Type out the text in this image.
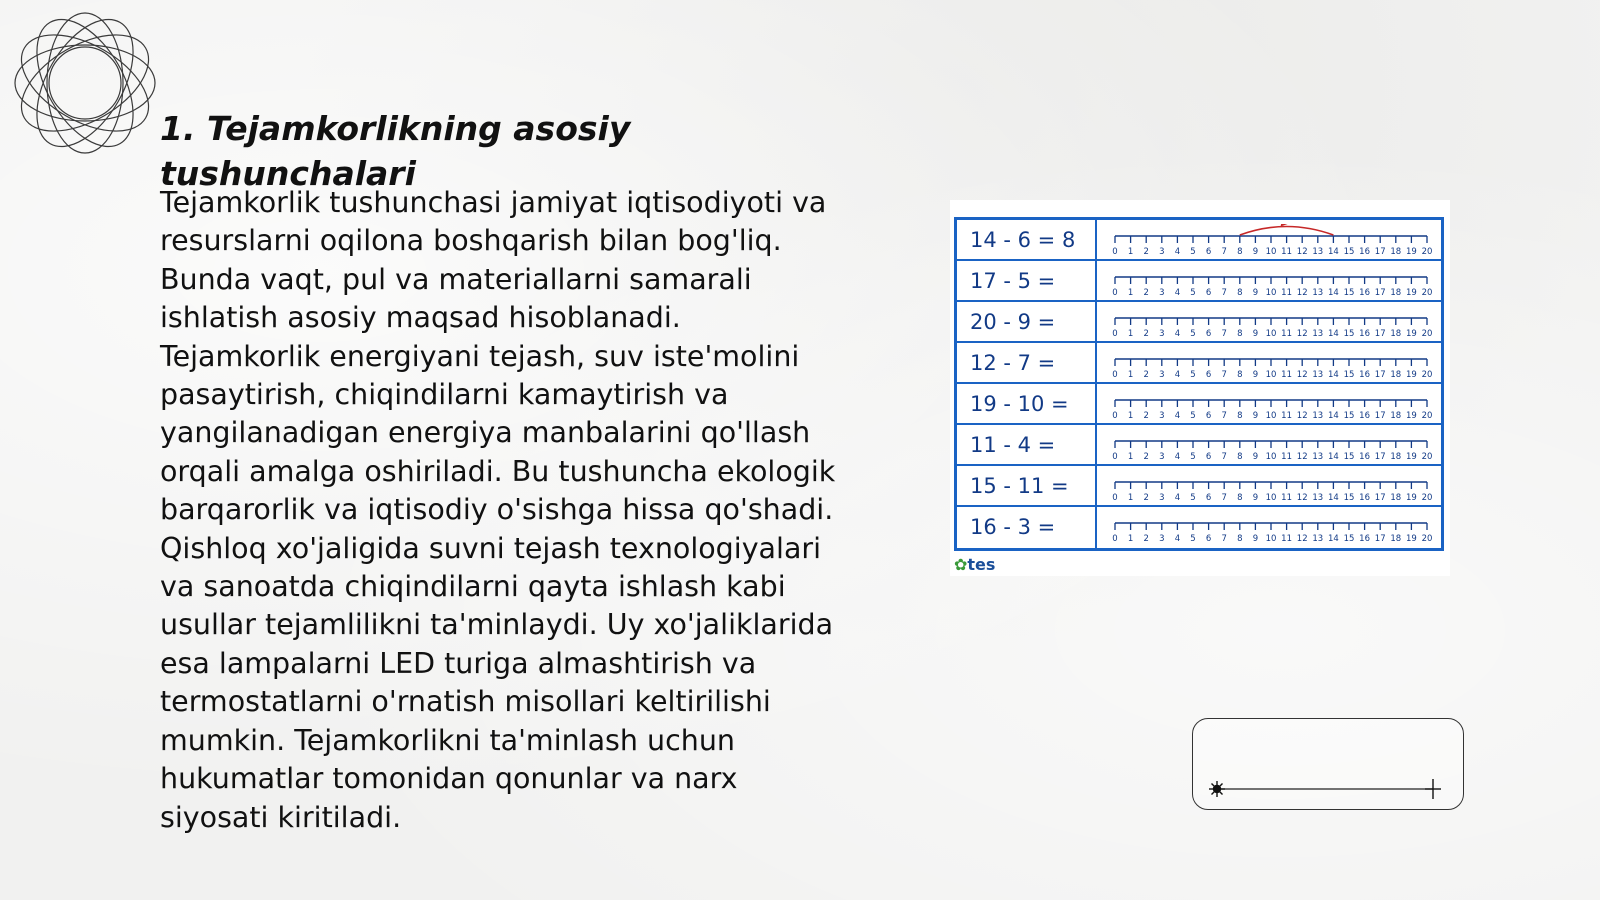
1. Tejamkorlikning asosiy tushunchalari

Tejamkorlik tushunchasi jamiyat iqtisodiyoti va resurslarni oqilona boshqarish bilan bog'liq. Bunda vaqt, pul va materiallarni samarali ishlatish asosiy maqsad hisoblanadi. Tejamkorlik energiyani tejash, suv iste'molini pasaytirish, chiqindilarni kamaytirish va yangilanadigan energiya manbalarini qo'llash orqali amalga oshiriladi. Bu tushuncha ekologik barqarorlik va iqtisodiy o'sishga hissa qo'shadi. Qishloq xo'jaligida suvni tejash texnologiyalari va sanoatda chiqindilarni qayta ishlash kabi usullar tejamlilikni ta'minlaydi. Uy xo'jaliklarida esa lampalarni LED turiga almashtirish va termostatlarni o'rnatish misollari keltirilishi mumkin. Tejamkorlikni ta'minlash uchun hukumatlar tomonidan qonunlar va narx siyosati kiritiladi.

14 - 6 = 8	0 1 2 3 4 5 6 7 8 9 10 11 12 13 14 15 16 17 18 19 20
17 - 5 =	0 1 2 3 4 5 6 7 8 9 10 11 12 13 14 15 16 17 18 19 20
20 - 9 =	0 1 2 3 4 5 6 7 8 9 10 11 12 13 14 15 16 17 18 19 20
12 - 7 =	0 1 2 3 4 5 6 7 8 9 10 11 12 13 14 15 16 17 18 19 20
19 - 10 =	0 1 2 3 4 5 6 7 8 9 10 11 12 13 14 15 16 17 18 19 20
11 - 4 =	0 1 2 3 4 5 6 7 8 9 10 11 12 13 14 15 16 17 18 19 20
15 - 11 =	0 1 2 3 4 5 6 7 8 9 10 11 12 13 14 15 16 17 18 19 20
16 - 3 =	0 1 2 3 4 5 6 7 8 9 10 11 12 13 14 15 16 17 18 19 20
✿tes
